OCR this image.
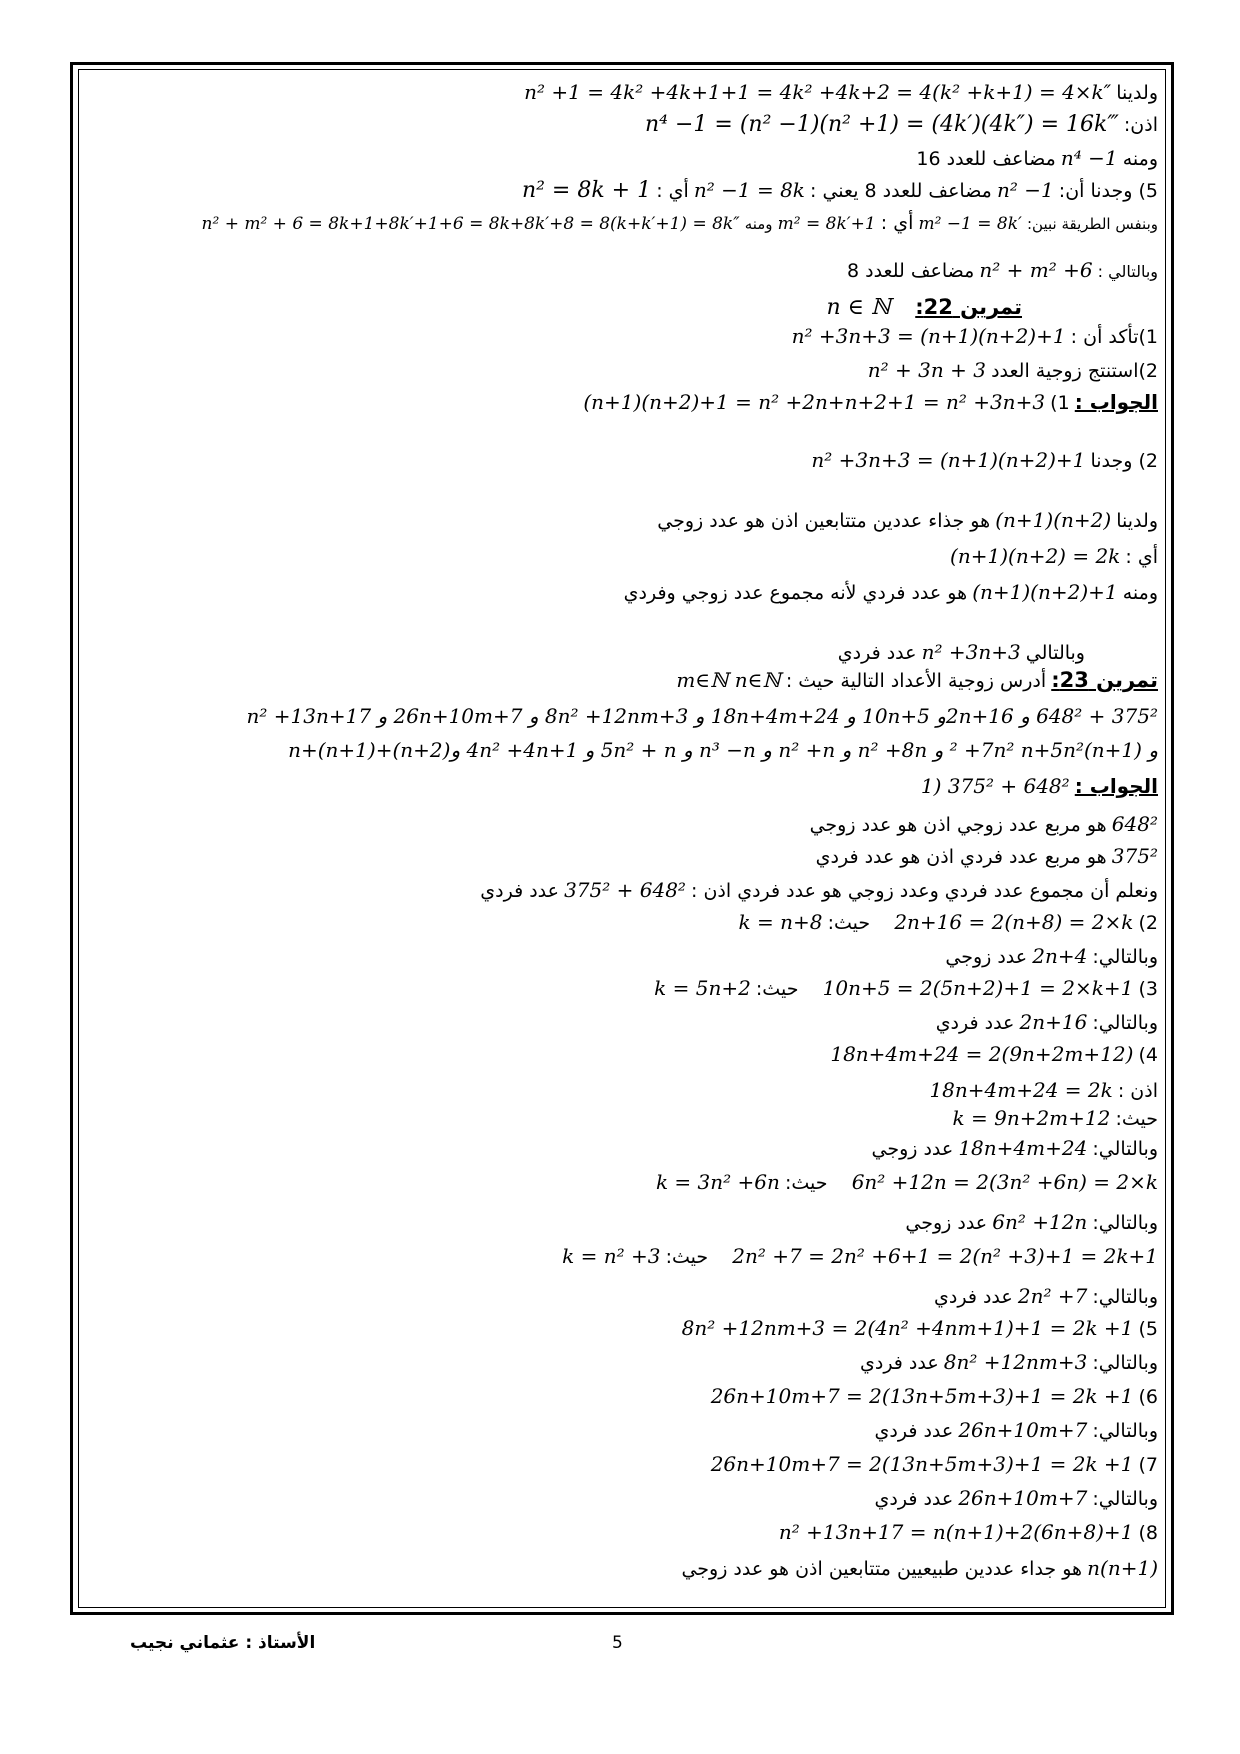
ولدينا n² +1 = 4k² +4k+1+1 = 4k² +4k+2 = 4(k² +k+1) = 4×k″
اذن: n⁴ −1 = (n² −1)(n² +1) = (4k′)(4k″) = 16k‴
ومنه n⁴ −1 مضاعف للعدد 16
5) وجدنا أن: n² −1 مضاعف للعدد 8 يعني : n² −1 = 8k أي : n² = 8k + 1
وبنفس الطريقة نبين: m² −1 = 8k′ أي : m² = 8k′+1 ومنه n² + m² + 6 = 8k+1+8k′+1+6 = 8k+8k′+8 = 8(k+k′+1) = 8k″
وبالتالي : n² + m² +6 مضاعف للعدد 8
تمرين 22:  n ∈ ℕ
1)تأكد أن : n² +3n+3 = (n+1)(n+2)+1
2)استنتج زوجية العدد n² + 3n + 3
الجواب : 1) (n+1)(n+2)+1 = n² +2n+n+2+1 = n² +3n+3
2) وجدنا n² +3n+3 = (n+1)(n+2)+1
ولدينا (n+1)(n+2) هو جذاء عددين متتابعين اذن هو عدد زوجي
أي : (n+1)(n+2) = 2k
ومنه (n+1)(n+2)+1 هو عدد فردي لأنه مجموع عدد زوجي وفردي
وبالتالي n² +3n+3 عدد فردي
تمرين 23: أدرس زوجية الأعداد التالية حيث : m∈ℕ n∈ℕ
375² + 648² و 2n+16و 10n+5 و 18n+4m+24 و 8n² +12nm+3 و 26n+10m+7 و n² +13n+17
و (n+1)² +7n² n+5n² و n² +8n و n² +n و n³ −n و 5n² + n و 4n² +4n+1 و(n+2)+(n+1)+n
الجواب : 1) 375² + 648²
648² هو مربع عدد زوجي اذن هو عدد زوجي
375² هو مربع عدد فردي اذن هو عدد فردي
ونعلم أن مجموع عدد فردي وعدد زوجي هو عدد فردي اذن : 375² + 648² عدد فردي
2) 2n+16 = 2(n+8) = 2×k  حيث: k = n+8
وبالتالي: 2n+4 عدد زوجي
3) 10n+5 = 2(5n+2)+1 = 2×k+1  حيث: k = 5n+2
وبالتالي: 2n+16 عدد فردي
4) 18n+4m+24 = 2(9n+2m+12)
اذن : 18n+4m+24 = 2k
حيث: k = 9n+2m+12
وبالتالي: 18n+4m+24 عدد زوجي
6n² +12n = 2(3n² +6n) = 2×k  حيث: k = 3n² +6n
وبالتالي: 6n² +12n عدد زوجي
2n² +7 = 2n² +6+1 = 2(n² +3)+1 = 2k+1  حيث: k = n² +3
وبالتالي: 2n² +7 عدد فردي
5) 8n² +12nm+3 = 2(4n² +4nm+1)+1 = 2k +1
وبالتالي: 8n² +12nm+3 عدد فردي
6) 26n+10m+7 = 2(13n+5m+3)+1 = 2k +1
وبالتالي: 26n+10m+7 عدد فردي
7) 26n+10m+7 = 2(13n+5m+3)+1 = 2k +1
وبالتالي: 26n+10m+7 عدد فردي
8) n² +13n+17 = n(n+1)+2(6n+8)+1
n(n+1) هو جداء عددين طبيعيين متتابعين اذن هو عدد زوجي
الأستاذ : عثماني نجيب	5
